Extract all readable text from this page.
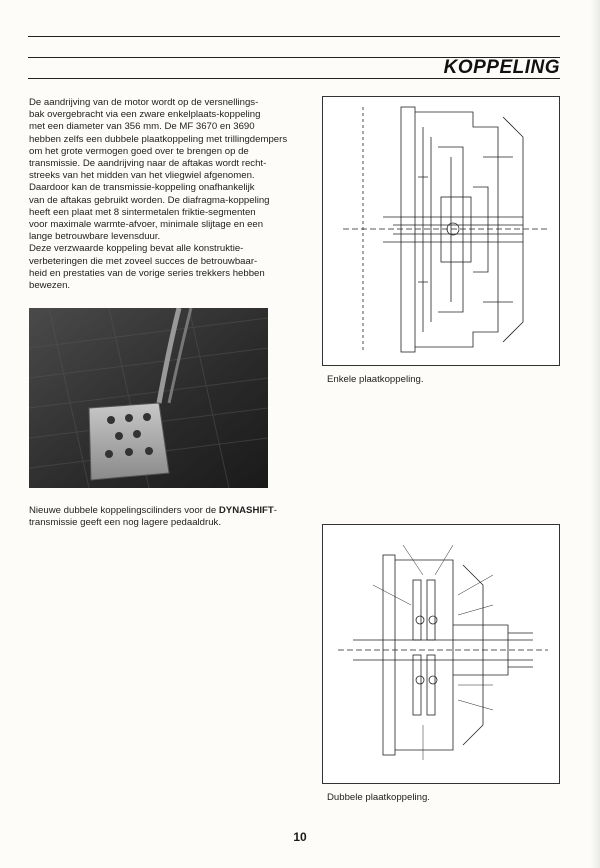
KOPPELING
De aandrijving van de motor wordt op de versnellings-
bak overgebracht via een zware enkelplaats-koppeling
met een diameter van 356 mm. De MF 3670 en 3690
hebben zelfs een dubbele plaatkoppeling met trillingdempers
om het grote vermogen goed over te brengen op de
transmissie. De aandrijving naar de aftakas wordt recht-
streeks van het midden van het vliegwiel afgenomen.
Daardoor kan de transmissie-koppeling onafhankelijk
van de aftakas gebruikt worden. De diafragma-koppeling
heeft een plaat met 8 sintermetalen friktie-segmenten
voor maximale warmte-afvoer, minimale slijtage en een
lange betrouwbare levensduur.
Deze verzwaarde koppeling bevat alle konstruktie-
verbeteringen die met zoveel succes de betrouwbaar-
heid en prestaties van de vorige series trekkers hebben
bewezen.
Nieuwe dubbele koppelingscilinders voor de DYNASHIFT-
transmissie geeft een nog lagere pedaaldruk.
Enkele plaatkoppeling.
Dubbele plaatkoppeling.
10
